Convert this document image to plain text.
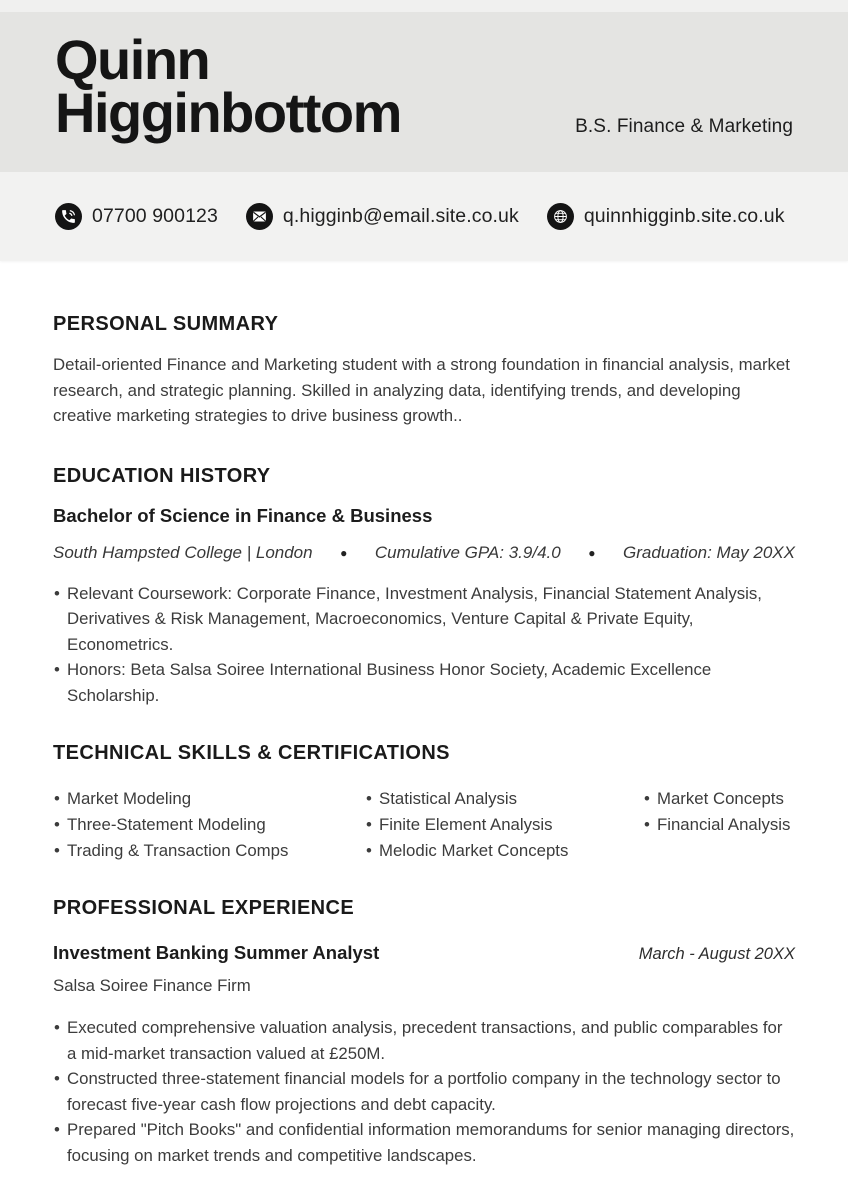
Quinn
Higginbottom	B.S. Finance & Marketing
07700 900123	q.higginb@email.site.co.uk	quinnhigginb.site.co.uk
PERSONAL SUMMARY

Detail-oriented Finance and Marketing student with a strong foundation in financial analysis, market research, and strategic planning. Skilled in analyzing data, identifying trends, and developing creative marketing strategies to drive business growth..

EDUCATION HISTORY
Bachelor of Science in Finance & Business
South Hampsted College | London ●	Cumulative GPA: 3.9/4.0 ●	Graduation: May 20XX
• Relevant Coursework: Corporate Finance, Investment Analysis, Financial Statement Analysis, Derivatives & Risk Management, Macroeconomics, Venture Capital & Private Equity, Econometrics.
• Honors: Beta Salsa Soiree International Business Honor Society, Academic Excellence Scholarship.
TECHNICAL SKILLS & CERTIFICATIONS
• Market Modeling
• Three-Statement Modeling
• Trading & Transaction Comps
• Statistical Analysis
• Finite Element Analysis
• Melodic Market Concepts
• Market Concepts
• Financial Analysis
PROFESSIONAL EXPERIENCE
Investment Banking Summer Analyst	March - August 20XX
Salsa Soiree Finance Firm
• Executed comprehensive valuation analysis, precedent transactions, and public comparables for a mid-market transaction valued at £250M.
• Constructed three-statement financial models for a portfolio company in the technology sector to forecast five-year cash flow projections and debt capacity.
• Prepared "Pitch Books" and confidential information memorandums for senior managing directors, focusing on market trends and competitive landscapes.
